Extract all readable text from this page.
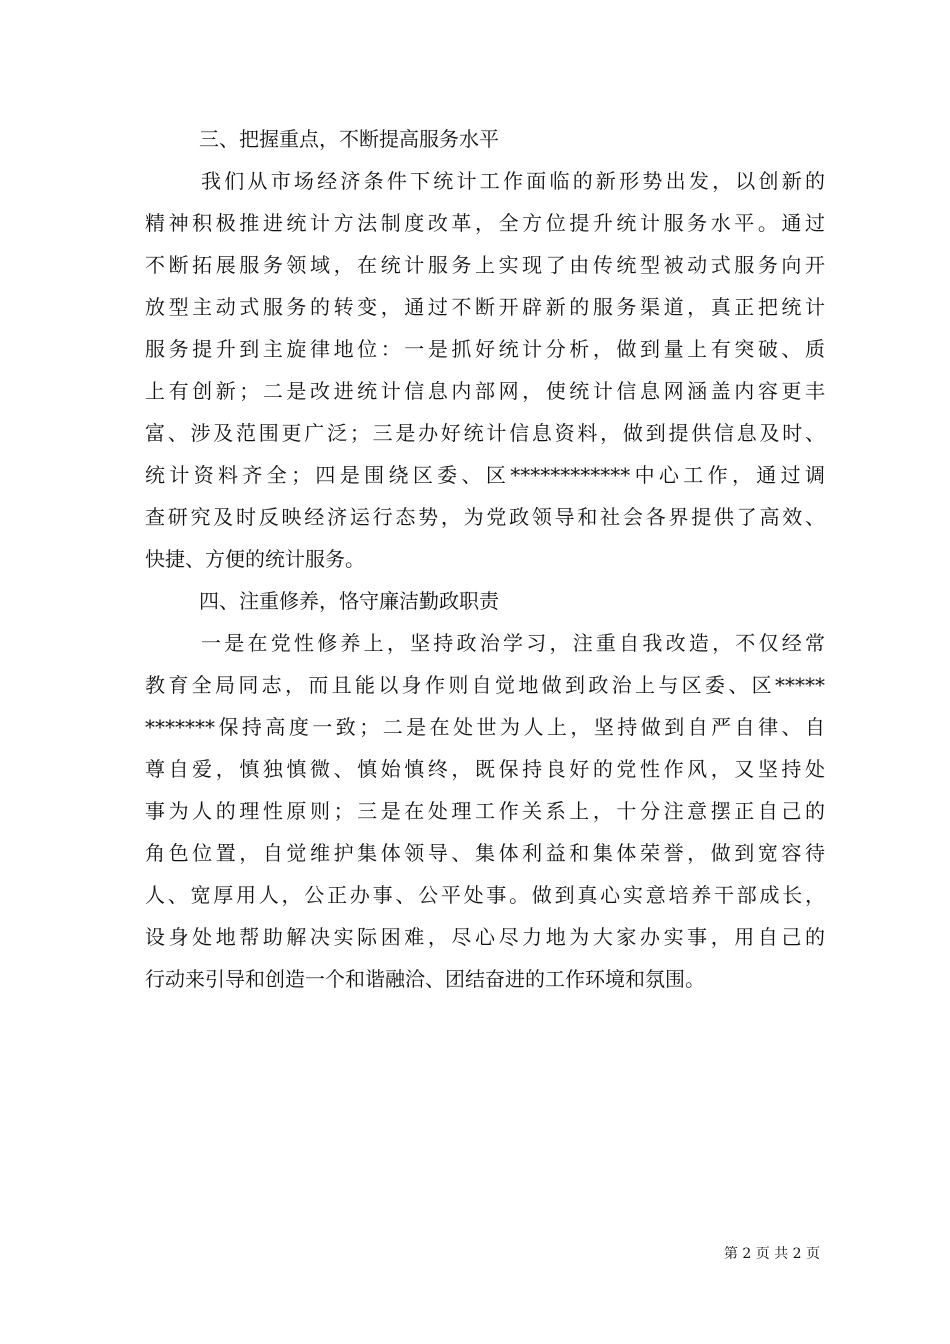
三、把握重点，不断提高服务水平

我们从市场经济条件下统计工作面临的新形势出发，以创新的

精神积极推进统计方法制度改革，全方位提升统计服务水平。通过

不断拓展服务领域，在统计服务上实现了由传统型被动式服务向开

放型主动式服务的转变，通过不断开辟新的服务渠道，真正把统计

服务提升到主旋律地位：一是抓好统计分析，做到量上有突破、质

上有创新；二是改进统计信息内部网，使统计信息网涵盖内容更丰

富、涉及范围更广泛；三是办好统计信息资料，做到提供信息及时、

统计资料齐全；四是围绕区委、区************中心工作，通过调

查研究及时反映经济运行态势，为党政领导和社会各界提供了高效、

快捷、方便的统计服务。

四、注重修养，恪守廉洁勤政职责

一是在党性修养上，坚持政治学习，注重自我改造，不仅经常

教育全局同志，而且能以身作则自觉地做到政治上与区委、区*****

*******保持高度一致；二是在处世为人上，坚持做到自严自律、自

尊自爱，慎独慎微、慎始慎终，既保持良好的党性作风，又坚持处

事为人的理性原则；三是在处理工作关系上，十分注意摆正自己的

角色位置，自觉维护集体领导、集体利益和集体荣誉，做到宽容待

人、宽厚用人，公正办事、公平处事。做到真心实意培养干部成长，

设身处地帮助解决实际困难，尽心尽力地为大家办实事，用自己的

行动来引导和创造一个和谐融洽、团结奋进的工作环境和氛围。

第 2 页 共 2 页
